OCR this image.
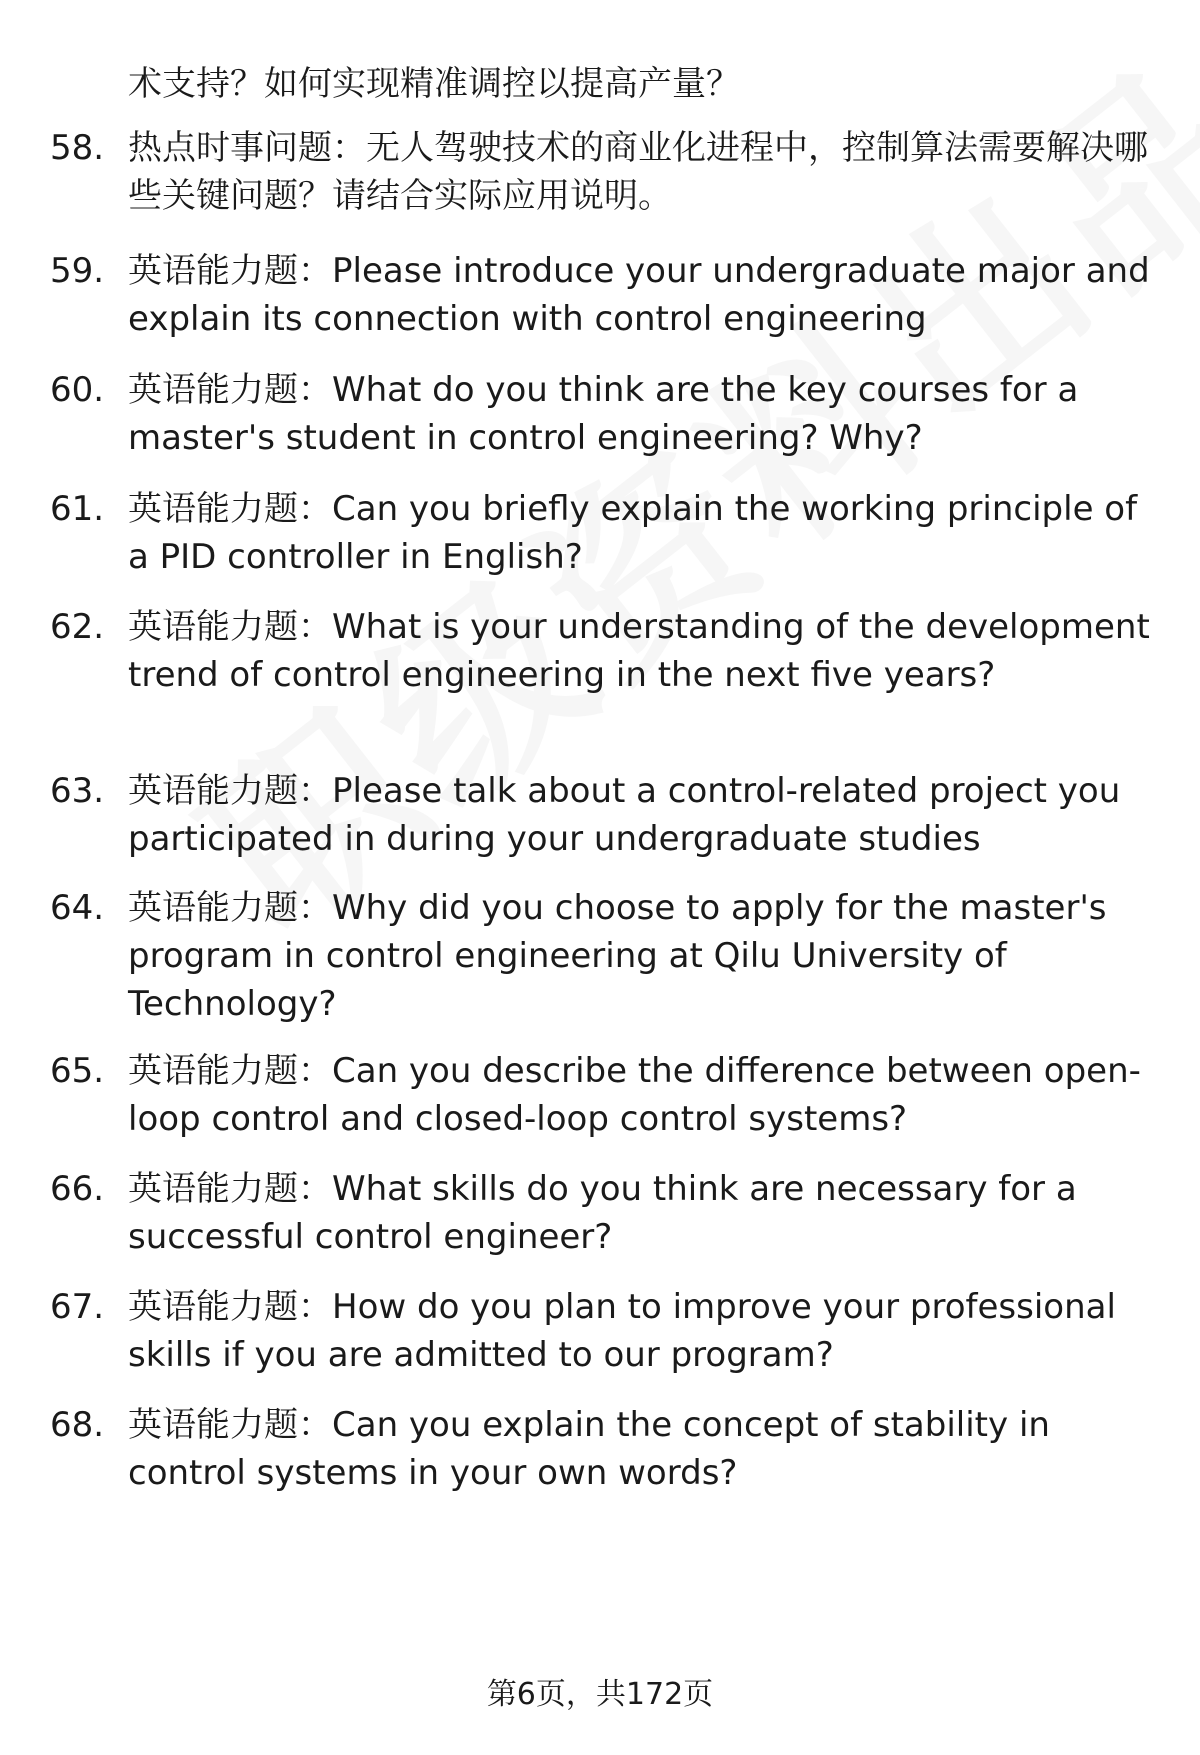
术支持？如何实现精准调控以提高产量？
58. 热点时事问题：无人驾驶技术的商业化进程中，控制算法需要解决哪些关键问题？请结合实际应用说明。
59. 英语能力题：Please introduce your undergraduate major and explain its connection with control engineering
60. 英语能力题：What do you think are the key courses for a master's student in control engineering? Why?
61. 英语能力题：Can you briefly explain the working principle of a PID controller in English?
62. 英语能力题：What is your understanding of the development trend of control engineering in the next five years?
63. 英语能力题：Please talk about a control-related project you participated in during your undergraduate studies
64. 英语能力题：Why did you choose to apply for the master's program in control engineering at Qilu University of Technology?
65. 英语能力题：Can you describe the difference between open-loop control and closed-loop control systems?
66. 英语能力题：What skills do you think are necessary for a successful control engineer?
67. 英语能力题：How do you plan to improve your professional skills if you are admitted to our program?
68. 英语能力题：Can you explain the concept of stability in control systems in your own words?
第6页，共172页
